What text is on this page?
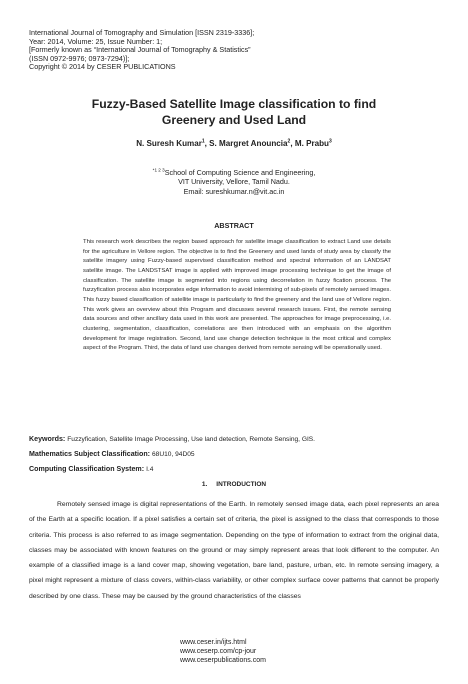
International Journal of Tomography and Simulation [ISSN 2319-3336];
Year: 2014, Volume: 25, Issue Number: 1;
[Formerly known as “International Journal of Tomography & Statistics”
(ISSN 0972-9976; 0973-7294)];
Copyright © 2014 by CESER PUBLICATIONS
Fuzzy-Based Satellite Image classification to find
Greenery and Used Land
N. Suresh Kumar$^1$, S. Margret Anouncia$^2$, M. Prabu$^3$
$^{*1 2 3}$School of Computing Science and Engineering,
VIT University, Vellore, Tamil Nadu.
Email: sureshkumar.n@vit.ac.in
ABSTRACT
This research work describes the region based approach for satellite image classification to extract Land use details for the agriculture in Vellore region. The objective is to find the Greenery and used lands of study area by classify the satellite imagery using Fuzzy-based supervised classification method and spectral information of an LANDSAT satellite image. The LANDSTSAT image is applied with improved image processing technique to get the image of classification. The satellite image is segmented into regions using decorrelation in fuzzy fication process. The fuzzyfication process also incorporates edge information to avoid intermixing of sub-pixels of remotely sensed images. This fuzzy based classification of satellite image is particularly to find the greenery and the land use of Vellore region. This work gives an overview about this Program and discusses several research issues. First, the remote sensing data sources and other ancillary data used in this work are presented. The approaches for image preprocessing, i.e. clustering, segmentation, classification, correlations are then introduced with an emphasis on the algorithm development for image registration. Second, land use change detection technique is the most critical and complex aspect of the Program. Third, the data of land use changes derived from remote sensing will be operationally used.
Keywords: Fuzzyfication, Satellite Image Processing, Use land detection, Remote Sensing, GIS.
Mathematics Subject Classification: 68U10, 94D05
Computing Classification System: I.4
1. INTRODUCTION
Remotely sensed image is digital representations of the Earth. In remotely sensed image data, each pixel represents an area of the Earth at a specific location. If a pixel satisfies a certain set of criteria, the pixel is assigned to the class that corresponds to those criteria. This process is also referred to as image segmentation. Depending on the type of information to extract from the original data, classes may be associated with known features on the ground or may simply represent areas that look different to the computer. An example of a classified image is a land cover map, showing vegetation, bare land, pasture, urban, etc. In remote sensing imagery, a pixel might represent a mixture of class covers, within-class variability, or other complex surface cover patterns that cannot be properly described by one class. These may be caused by the ground characteristics of the classes
www.ceser.in/ijts.html
www.ceserp.com/cp-jour
www.ceserpublications.com
